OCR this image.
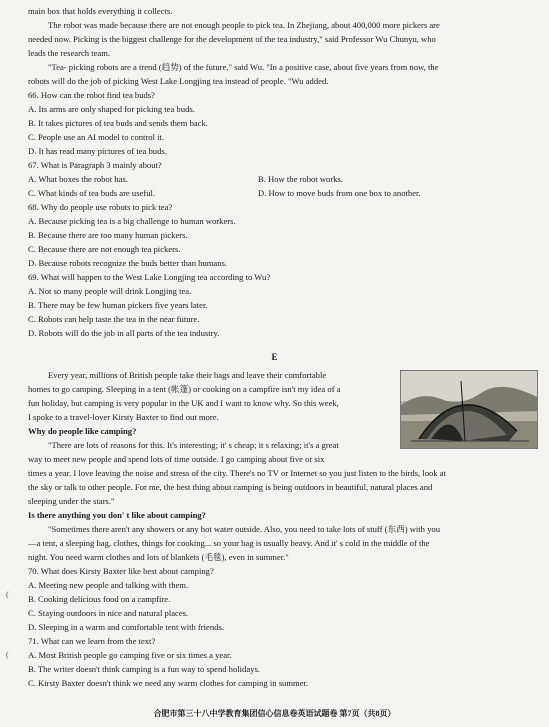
main box that holds everything it collects.
The robot was made because there are not enough people to pick tea. In Zhejiang, about 400,000 more pickers are
needed now. Picking is the biggest challenge for the development of the tea industry," said Professor Wu Chunyu, who
leads the research team.
"Tea- picking robots are a trend (趋势) of the future," said Wu. "In a positive case, about five years from now, the
robots will do the job of picking West Lake Longjing tea instead of people. "Wu added.
66. How can the robot find tea buds?
A. Its arms are only shaped for picking tea buds.
B. It takes pictures of tea buds and sends them back.
C. People use an AI model to control it.
D. It has read many pictures of tea buds.
67. What is Paragraph 3 mainly about?
A. What boxes the robot has.	B. How the robot works.
C. What kinds of tea buds are useful.	D. How to move buds from one box to another.
68. Why do people use robots to pick tea?
A. Because picking tea is a big challenge to human workers.
B. Because there are too many human pickers.
C. Because there are not enough tea pickers.
D. Because robots recognize the buds better than humans.
69. What will happen to the West Lake Longjing tea according to Wu?
A. Not so many people will drink Longjing tea.
B. There may be few human pickers five years later.
C. Robots can help taste the tea in the near future.
D. Robots will do the job in all parts of the tea industry.
E
Every year, millions of British people take their bags and leave their comfortable
homes to go camping. Sleeping in a tent (帐篷) or cooking on a campfire isn't my idea of a
fun holiday, but camping is very popular in the UK and I want to know why. So this week,
I spoke to a travel-lover Kirsty Baxter to find out more.
Why do people like camping?
"There are lots of reasons for this. It's interesting; it' s cheap; it s relaxing; it's a great
way to meet new people and spend lots of time outside. I go camping about five or six
times a year. I love leaving the noise and stress of the city. There's no TV or Internet so you just listen to the birds, look at
the sky or talk to other people. For me, the best thing about camping is being outdoors in beautiful, natural places and
sleeping under the stars."
Is there anything you don' t like about camping?
"Sometimes there aren't any showers or any hot water outside. Also, you need to take lots of stuff (东西) with you
—a tent, a sleeping bag, clothes, things for cooking... so your bag is usually heavy. And it' s cold in the middle of the
night. You need warm clothes and lots of blankets (毛毯), even in summer."
70. What does Kirsty Baxter like best about camping?
A. Meeting new people and talking with them.
B. Cooking delicious food on a campfire.
C. Staying outdoors in nice and natural places.
D. Sleeping in a warm and comfortable tent with friends.
71. What can we learn from the text?
A. Most British people go camping five or six times a year.
B. The writer doesn't think camping is a fun way to spend holidays.
C. Kirsty Baxter doesn't think we need any warm clothes for camping in summer.
(
(
合肥市第三十八中学教育集团信心信息卷英语试题卷 第7页（共8页）
